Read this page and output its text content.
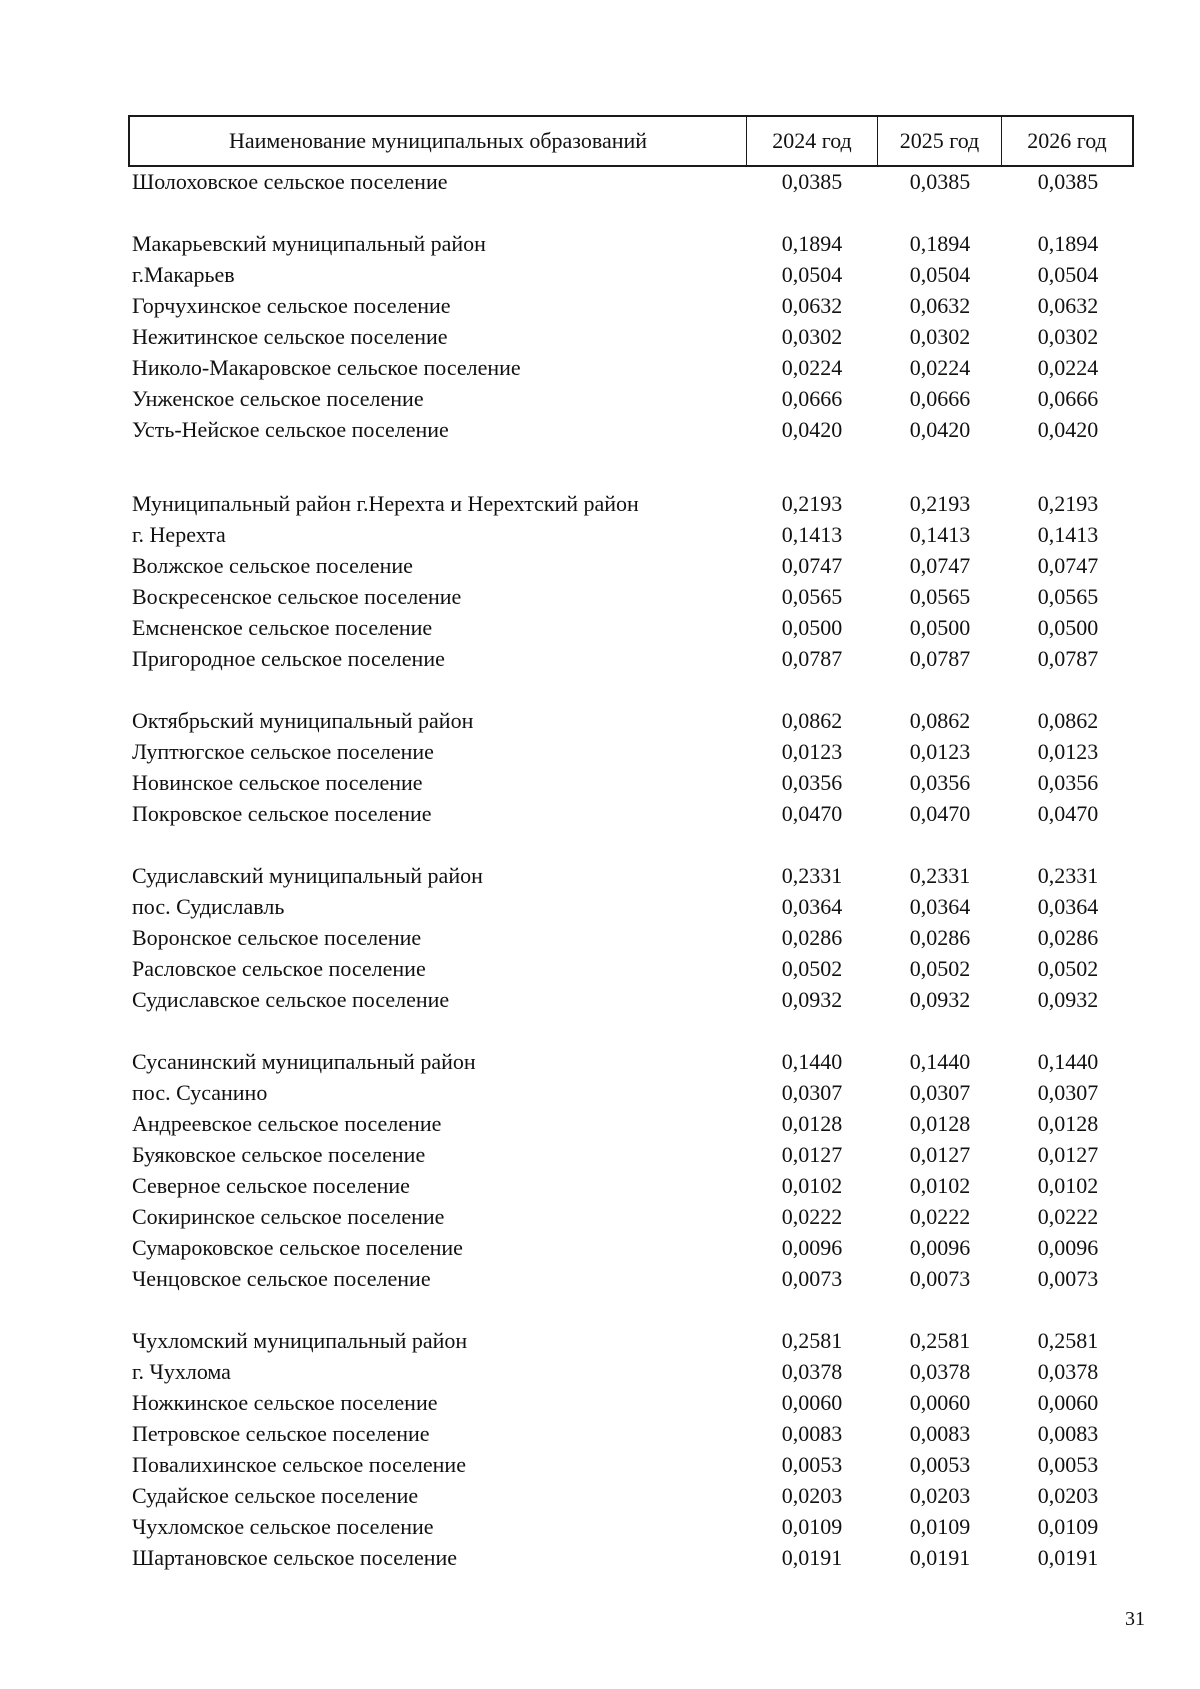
Наименование муниципальных образований	2024 год	2025 год	2026 год
Шолоховское сельское поселение	0,0385	0,0385	0,0385
Макарьевский муниципальный район	0,1894	0,1894	0,1894
г.Макарьев	0,0504	0,0504	0,0504
Горчухинское сельское поселение	0,0632	0,0632	0,0632
Нежитинское сельское поселение	0,0302	0,0302	0,0302
Николо-Макаровское сельское поселение	0,0224	0,0224	0,0224
Унженское сельское поселение	0,0666	0,0666	0,0666
Усть-Нейское сельское поселение	0,0420	0,0420	0,0420
Муниципальный район г.Нерехта и Нерехтский район	0,2193	0,2193	0,2193
г. Нерехта	0,1413	0,1413	0,1413
Волжское сельское поселение	0,0747	0,0747	0,0747
Воскресенское сельское поселение	0,0565	0,0565	0,0565
Емсненское сельское поселение	0,0500	0,0500	0,0500
Пригородное сельское поселение	0,0787	0,0787	0,0787
Октябрьский муниципальный район	0,0862	0,0862	0,0862
Луптюгское сельское поселение	0,0123	0,0123	0,0123
Новинское сельское поселение	0,0356	0,0356	0,0356
Покровское сельское поселение	0,0470	0,0470	0,0470
Судиславский муниципальный район	0,2331	0,2331	0,2331
пос. Судиславль	0,0364	0,0364	0,0364
Воронское сельское поселение	0,0286	0,0286	0,0286
Расловское сельское поселение	0,0502	0,0502	0,0502
Судиславское сельское поселение	0,0932	0,0932	0,0932
Сусанинский муниципальный район	0,1440	0,1440	0,1440
пос. Сусанино	0,0307	0,0307	0,0307
Андреевское сельское поселение	0,0128	0,0128	0,0128
Буяковское сельское поселение	0,0127	0,0127	0,0127
Северное сельское поселение	0,0102	0,0102	0,0102
Сокиринское сельское поселение	0,0222	0,0222	0,0222
Сумароковское сельское поселение	0,0096	0,0096	0,0096
Ченцовское сельское поселение	0,0073	0,0073	0,0073
Чухломский муниципальный район	0,2581	0,2581	0,2581
г. Чухлома	0,0378	0,0378	0,0378
Ножкинское сельское поселение	0,0060	0,0060	0,0060
Петровское сельское поселение	0,0083	0,0083	0,0083
Повалихинское сельское поселение	0,0053	0,0053	0,0053
Судайское сельское поселение	0,0203	0,0203	0,0203
Чухломское сельское поселение	0,0109	0,0109	0,0109
Шартановское сельское поселение	0,0191	0,0191	0,0191
31
